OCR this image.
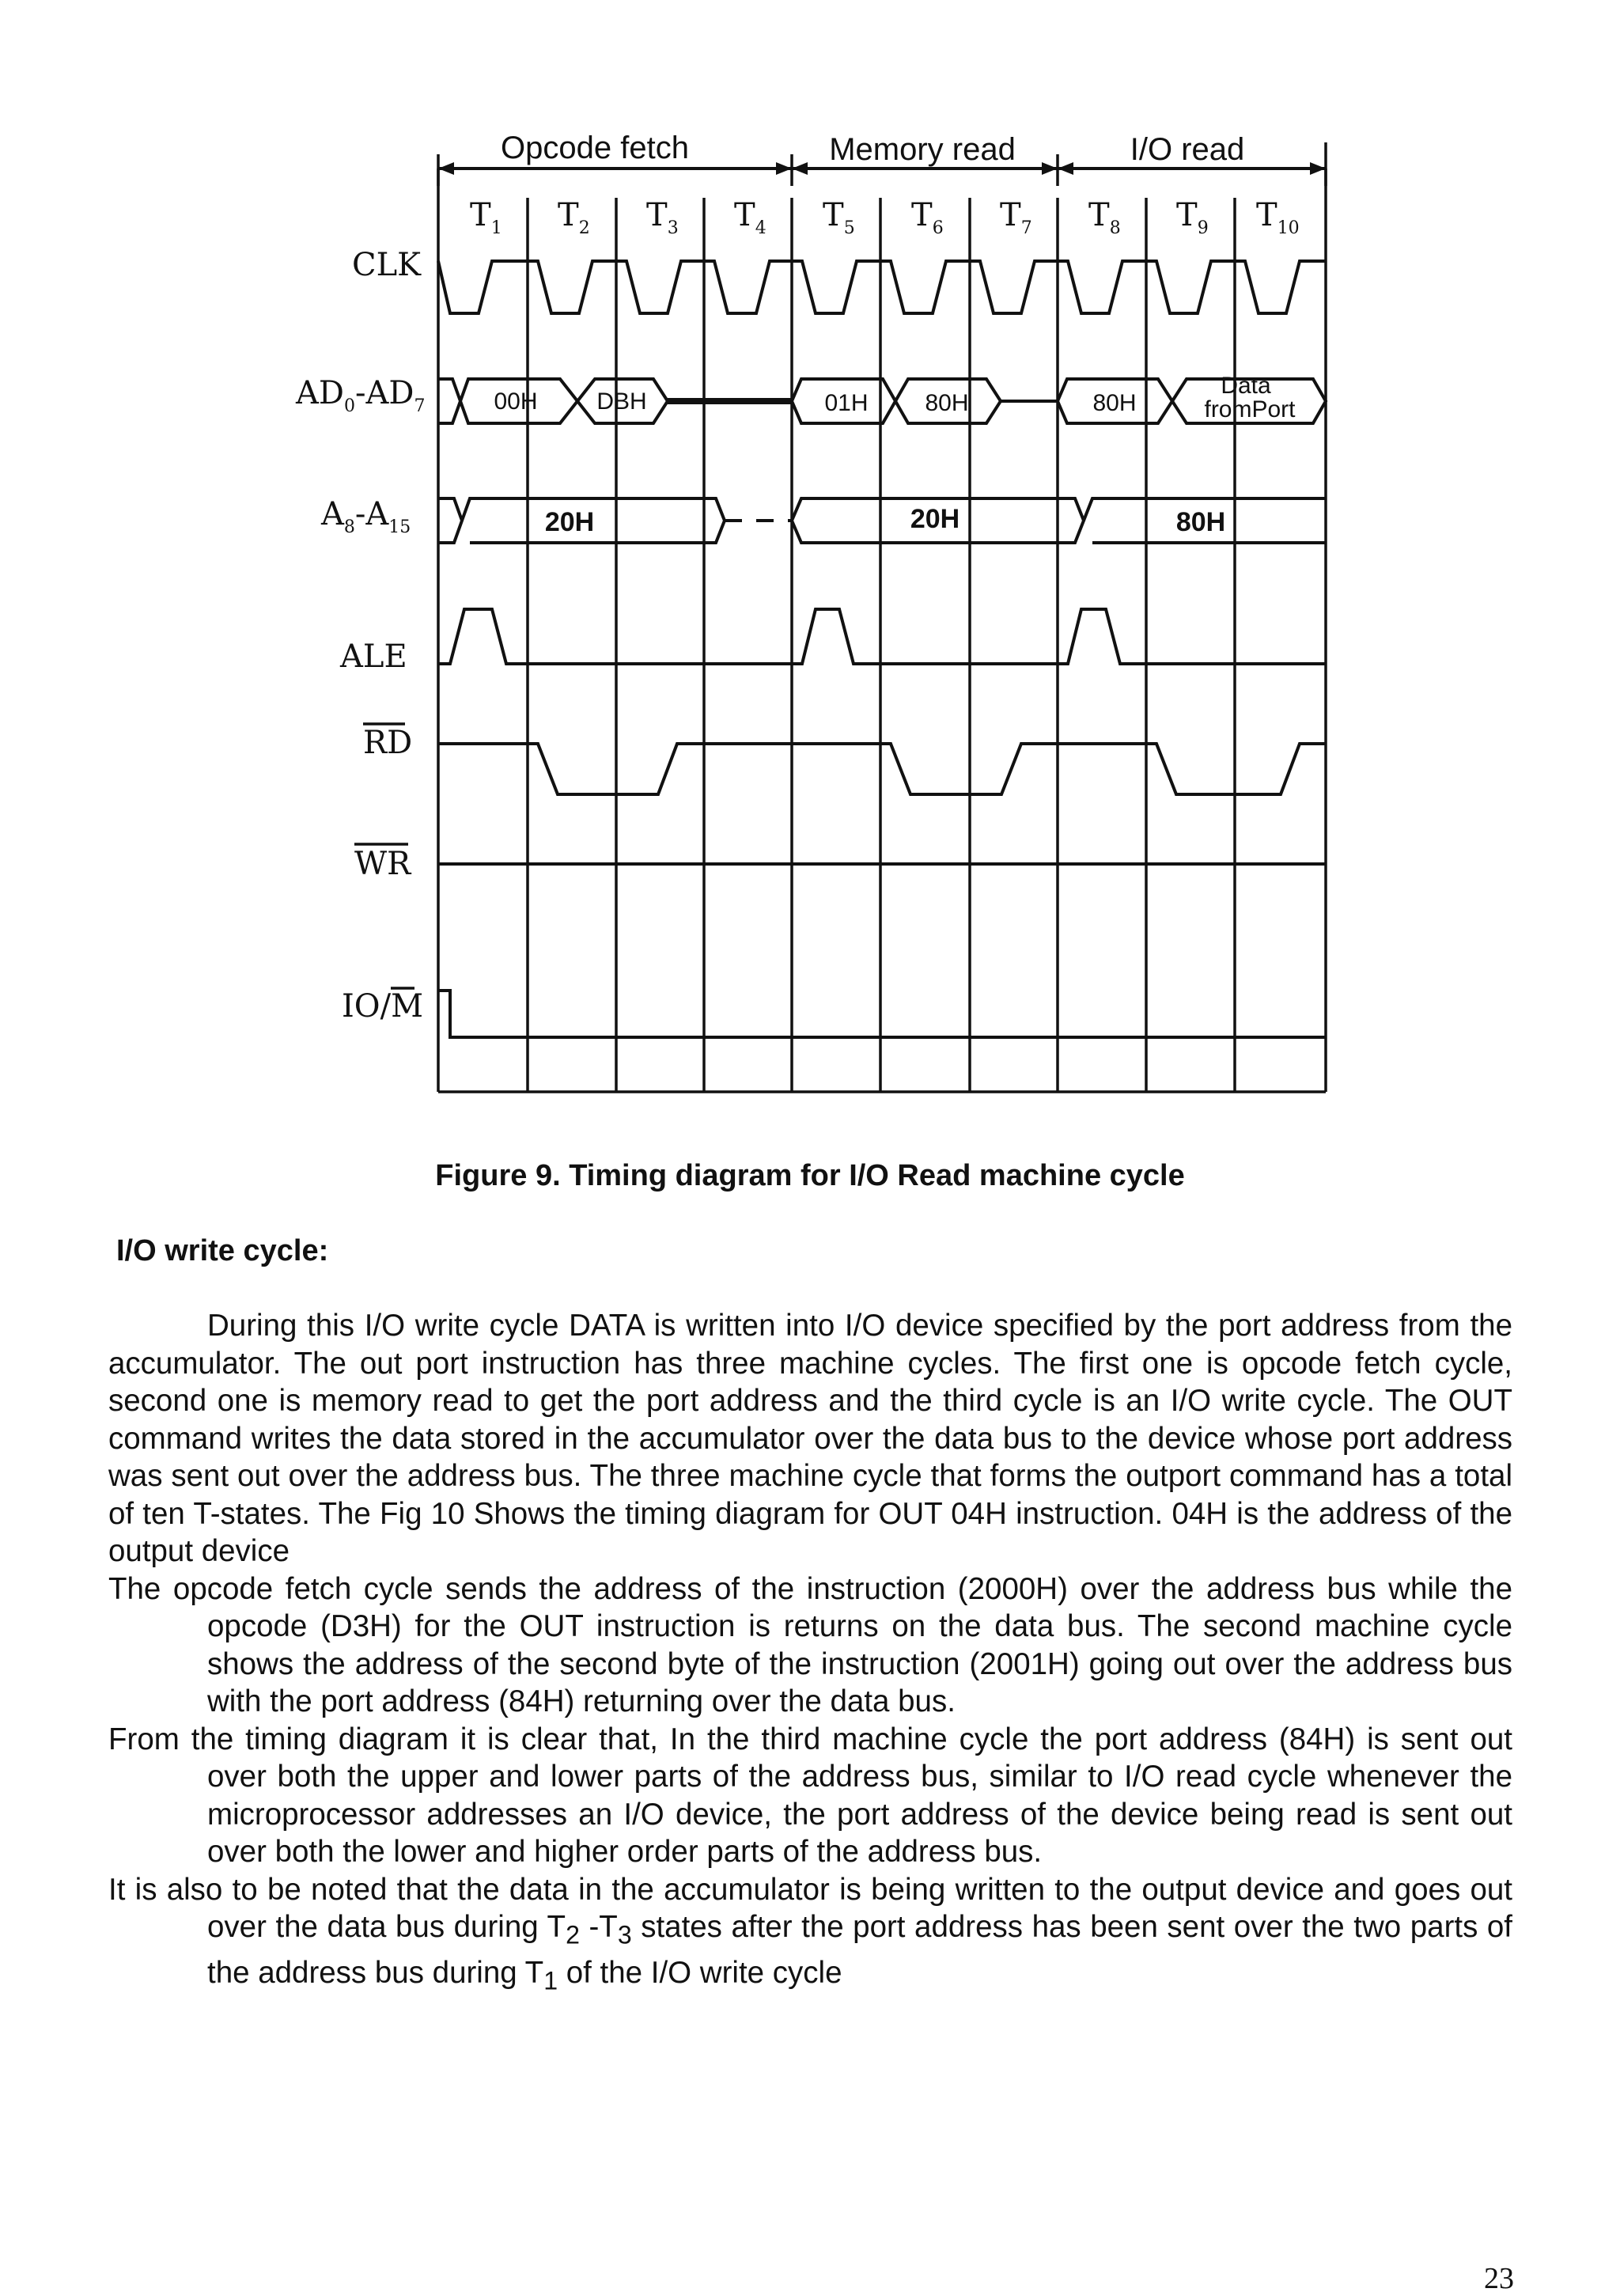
Opcode fetch	Memory read	I/O read
$T_1$ $T_2$ $T_3$ $T_4$ $T_5$ $T_6$ $T_7$ $T_8$ $T_9$ $T_{10}$
CLK
$AD_0-AD_7$
$A_8-A_{15}$
ALE
RD
WR
IO/M
00H DBH	01H 80H	80H
Data
fromPort
20H	20H	80H
Figure 9. Timing diagram for I/O Read machine cycle
I/O write cycle:

During this I/O write cycle DATA is written into I/O device specified by the port address from the accumulator. The out port instruction has three machine cycles. The first one is opcode fetch cycle, second one is memory read to get the port address and the third cycle is an I/O write cycle. The OUT command writes the data stored in the accumulator over the data bus to the device whose port address was sent out over the address bus. The three machine cycle that forms the outport command has a total of ten T-states. The Fig 10 Shows the timing diagram for OUT 04H instruction. 04H is the address of the output device

The opcode fetch cycle sends the address of the instruction (2000H) over the address bus while the opcode (D3H) for the OUT instruction is returns on the data bus. The second machine cycle shows the address of the second byte of the instruction (2001H) going out over the address bus with the port address (84H) returning over the data bus.

From the timing diagram it is clear that, In the third machine cycle the port address (84H) is sent out over both the upper and lower parts of the address bus, similar to I/O read cycle whenever the microprocessor addresses an I/O device, the port address of the device being read is sent out over both the lower and higher order parts of the address bus.

It is also to be noted that the data in the accumulator is being written to the output device and goes out over the data bus during $T_2$ $-T_3$ states after the port address has been sent over the two parts of the address bus during $T_1$ of the I/O write cycle

23
